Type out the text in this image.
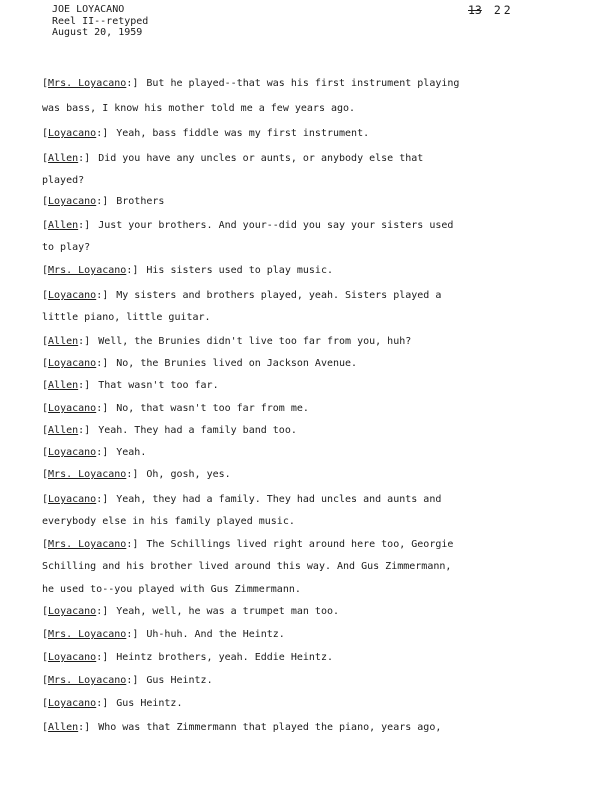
JOE LOYACANO
Reel II--retyped
August 20, 1959
13 22
[Mrs. Loyacano:] But he played--that was his first instrument playing
was bass, I know his mother told me a few years ago.
[Loyacano:] Yeah, bass fiddle was my first instrument.
[Allen:] Did you have any uncles or aunts, or anybody else that
played?
[Loyacano:] Brothers
[Allen:] Just your brothers. And your--did you say your sisters used
to play?
[Mrs. Loyacano:] His sisters used to play music.
[Loyacano:] My sisters and brothers played, yeah. Sisters played a
little piano, little guitar.
[Allen:] Well, the Brunies didn't live too far from you, huh?
[Loyacano:] No, the Brunies lived on Jackson Avenue.
[Allen:] That wasn't too far.
[Loyacano:] No, that wasn't too far from me.
[Allen:] Yeah. They had a family band too.
[Loyacano:] Yeah.
[Mrs. Loyacano:] Oh, gosh, yes.
[Loyacano:] Yeah, they had a family. They had uncles and aunts and
everybody else in his family played music.
[Mrs. Loyacano:] The Schillings lived right around here too, Georgie
Schilling and his brother lived around this way. And Gus Zimmermann,
he used to--you played with Gus Zimmermann.
[Loyacano:] Yeah, well, he was a trumpet man too.
[Mrs. Loyacano:] Uh-huh. And the Heintz.
[Loyacano:] Heintz brothers, yeah. Eddie Heintz.
[Mrs. Loyacano:] Gus Heintz.
[Loyacano:] Gus Heintz.
[Allen:] Who was that Zimmermann that played the piano, years ago,
